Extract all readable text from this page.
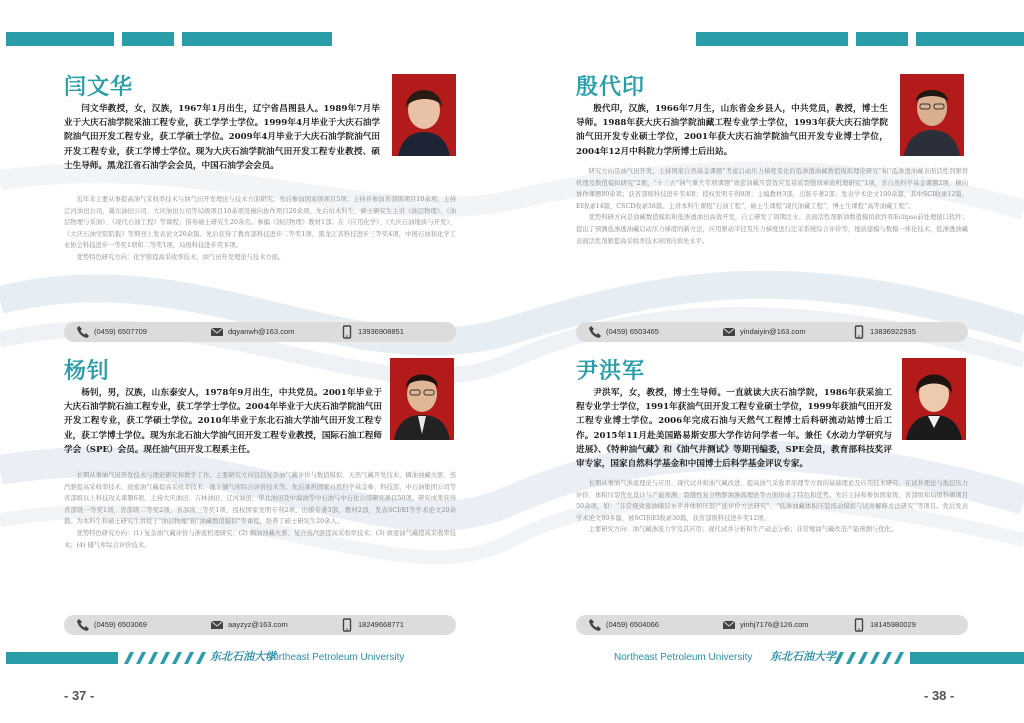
闫文华

闫文华教授，女，汉族，1967年1月出生，辽宁省昌图县人。1989年7月毕业于大庆石油学院采油工程专业，获工学学士学位。1999年4月毕业于大庆石油学院油气田开发工程专业，获工学硕士学位。2009年4月毕业于大庆石油学院油气田开发工程专业，获工学博士学位。现为大庆石油学院油气田开发工程专业教授、硕士生导师。黑龙江省石油学会会员，中国石油学会会员。

近年来主要从事提高油气采收率技术与油气田开发理论与技术方面研究。先后参加国家级项目5项；主持并参加省部级项目10余项，主持辽河油田公司、冀东油田公司、大庆油田公司等局级项目10余项及横向协作项目20余项。先后给本科生、硕士研究生主讲《油层物理》、《油层物理与采油》、《现代石油工程》等课程；指导硕士研究生20余名。参编《油层物理》教材1部；在《应用化学》、《大庆石油地质与开发》、《大庆石油学院院报》等期刊上发表论文20余篇。先后获得了教育部科技进步二等奖1项，黑龙江省科技进步三等奖4项，中国石油和化学工业协会科技进步一等奖1项和二等奖1项，局级科技进步奖多项。

优势特色研究方向：化学驱提高采收率技术，油气田开发理论与技术方面。

(0459) 6507709	dqyanwh@163.com	13936908851
殷代印

殷代印，汉族，1966年7月生，山东省金乡县人，中共党员，教授，博士生导师。1988年获大庆石油学院油藏工程专业学士学位，1993年获大庆石油学院油气田开发专业硕士学位，2001年获大庆石油学院油气田开发专业博士学位，2004年12月中科院力学所博士后出站。

研究方向是油气田开发，主持国家自然基金课题“考虑启动压力梯度变化的低渗透油藏数值模拟理论研究”和“低渗透油藏表面活性剂驱替机理及数值模拟研究”2项，“十三五”油气重大专项课题“致密油藏压裂效应及基质裂缝间窜流机理研究”1项，省自然科学基金课题2项，横向协作课题80余项；获省部级科技进步奖4项；授权发明专利9项；主编教材3部，出版专著2部；发表学术论文100余篇，其中SCI收录12篇，EI收录14篇，CSCD收录38篇。主讲本科生课程“石油工程”，硕士生课程“现代油藏工程”，博士生课程“高等油藏工程”。

优势科研方向是油藏数值模拟和低渗透油田高效开发，自主研发了周期注水、表面活性剂驱油数值模拟软件和Eclipse前处理接口软件；提出了预测低渗透油藏启动压力梯度的新方法，应用驱动半径及压力梯度进行注采系统综合评价等，地质建模与数模一体化技术，低渗透油藏表面活性剂驱提高采收率技术居国内领先水平。

(0459) 6503465	yindaiyin@163.com	13836922935
杨钊

杨钊，男，汉族，山东泰安人，1978年9月出生，中共党员。2001年毕业于大庆石油学院石油工程专业，获工学学士学位。2004年毕业于大庆石油学院油气田开发工程专业，获工学硕士学位。2010年毕业于东北石油大学油气田开发工程专业，获工学博士学位。现为东北石油大学油气田开发工程专业教授，国际石油工程师学会（SPE）会员。现任油气田开发工程系主任。

长期从事油气田开发技术与理论研究和教学工作。主要研究方向包括复杂油气藏评价与数值模拟、天然气藏开发技术、稠油油藏火驱、蒸汽驱提高采收率技术、致密油气藏提高采收率技术、地下储气库综合评价技术等。先后承担国家自然科学基金参、科技部、中石油集团公司等省部级以上科技攻关课题6项，主持大庆油田、吉林油田、辽河油田、华北油田及中海油等中石油与中石化公司研究项目50项。研究成果获得省部级一等奖1项，省部级二等奖2项，省部级三等奖1项，授权国家发明专利2项，出版专著3部，教材2部，发表SCI/EI等学术论文20余篇。为本科生和硕士研究生讲授了“油层物理”和“油藏数值模拟”等课程，培养了硕士研究生20余人。

优势特色研究方向：(1) 复杂油气藏评价与渗流机理研究；(2) 稠油油藏火驱、复合蒸汽驱提高采收率技术；(3) 致密油气藏提高采收率技术；(4) 储气库综合评价技术。

(0459) 6503069	aayzyz@163.com	18249668771
尹洪军

尹洪军，女，教授，博士生导师。一直就读大庆石油学院，1986年获采油工程专业学士学位，1991年获油气田开发工程专业硕士学位，1999年获油气田开发工程专业博士学位。2006年完成石油与天然气工程博士后科研流动站博士后工作。2015年11月赴美国路易斯安那大学作访问学者一年。兼任《水动力学研究与进展》、《特种油气藏》和《油气井测试》等期刊编委，SPE会员，教育部科技奖评审专家，国家自然科学基金和中国博士后科学基金评议专家。

长期从事油气渗流理论与应用、现代试井和油气藏改进、提高油气采收率原理等方面的基础理论及应用技术研究，在试井理论与地层压力评价、体积压裂优化设计与产能预测、裂缝性复合物驱油渗流理论等方面形成了特色和优势。先后主持和参加国家级、省部级和局级科研项目50余项，如：“非常规致密油储层水平井体积压裂产能评价方法研究”、“低渗油藏体积压裂流动模拟与试井解释方法研究”等项目。先后发表学术论文80多篇，被SCI和EI收录30篇，获省部级科技进步奖12项。

主要研究方向：油气藏渗流力学及其应用；现代试井分析和生产动态分析；非常规油气藏改造产能预测与优化。

(0459) 6504066	yinhj7176@126.com	18145980029
东北石油大学
Northeast Petroleum University
- 37 -
Northeast Petroleum University 东北石油大学
- 38 -
